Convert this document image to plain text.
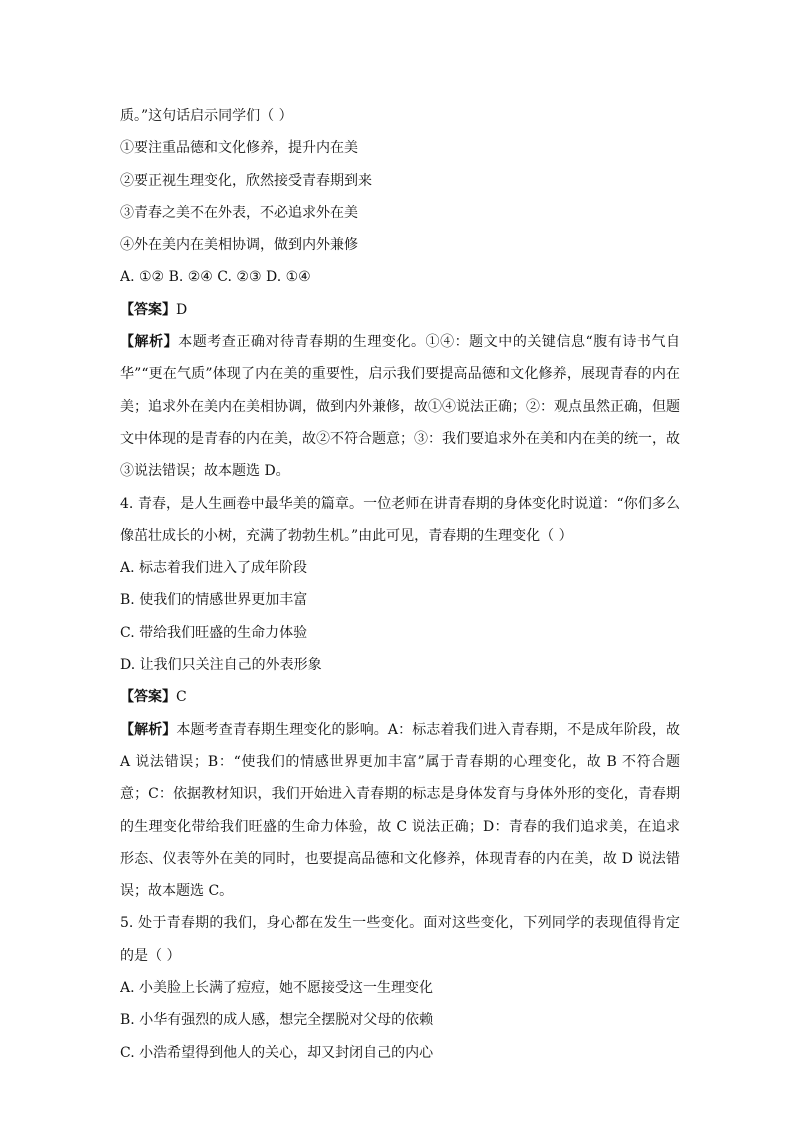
质。”这句话启示同学们（ ）
①要注重品德和文化修养，提升内在美
②要正视生理变化，欣然接受青春期到来
③青春之美不在外表，不必追求外在美
④外在美内在美相协调，做到内外兼修
A. ①② B. ②④ C. ②③ D. ①④
【答案】D
【解析】本题考查正确对待青春期的生理变化。①④：题文中的关键信息“腹有诗书气自华”“更在气质”体现了内在美的重要性，启示我们要提高品德和文化修养，展现青春的内在美；追求外在美内在美相协调，做到内外兼修，故①④说法正确；②：观点虽然正确，但题文中体现的是青春的内在美，故②不符合题意；③：我们要追求外在美和内在美的统一，故③说法错误；故本题选 D。
4. 青春，是人生画卷中最华美的篇章。一位老师在讲青春期的身体变化时说道：“你们多么像茁壮成长的小树，充满了勃勃生机。”由此可见，青春期的生理变化（ ）
A. 标志着我们进入了成年阶段
B. 使我们的情感世界更加丰富
C. 带给我们旺盛的生命力体验
D. 让我们只关注自己的外表形象
【答案】C
【解析】本题考查青春期生理变化的影响。A：标志着我们进入青春期，不是成年阶段，故 A 说法错误；B：“使我们的情感世界更加丰富”属于青春期的心理变化，故 B 不符合题意；C：依据教材知识，我们开始进入青春期的标志是身体发育与身体外形的变化，青春期的生理变化带给我们旺盛的生命力体验，故 C 说法正确；D：青春的我们追求美，在追求形态、仪表等外在美的同时，也要提高品德和文化修养，体现青春的内在美，故 D 说法错误；故本题选 C。
5. 处于青春期的我们，身心都在发生一些变化。面对这些变化，下列同学的表现值得肯定的是（ ）
A. 小美脸上长满了痘痘，她不愿接受这一生理变化
B. 小华有强烈的成人感，想完全摆脱对父母的依赖
C. 小浩希望得到他人的关心，却又封闭自己的内心
